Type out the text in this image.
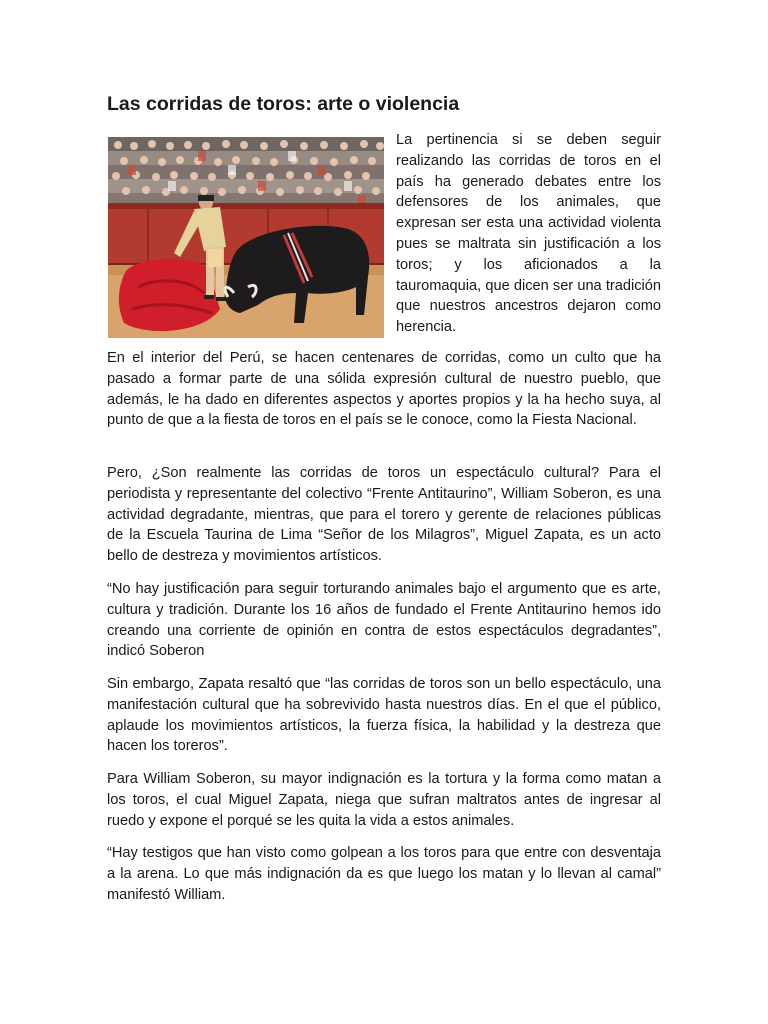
Las corridas de toros: arte o violencia

La pertinencia si se deben seguir realizando las corridas de toros en el país ha generado debates entre los defensores de los animales, que expresan ser esta una actividad violenta pues se maltrata sin justificación a los toros; y los aficionados a la tauromaquia, que dicen ser una tradición que nuestros ancestros dejaron como herencia.

En el interior del Perú, se hacen centenares de corridas, como un culto que ha pasado a formar parte de una sólida expresión cultural de nuestro pueblo, que además, le ha dado en diferentes aspectos y aportes propios y la ha hecho suya, al punto de que a la fiesta de toros en el país se le conoce, como la Fiesta Nacional.

Pero, ¿Son realmente las corridas de toros un espectáculo cultural? Para el periodista y representante del colectivo “Frente Antitaurino”, William Soberon, es una actividad degradante, mientras, que para el torero y gerente de relaciones públicas de la Escuela Taurina de Lima “Señor de los Milagros”, Miguel Zapata, es un acto bello de destreza y movimientos artísticos.

“No hay justificación para seguir torturando animales bajo el argumento que es arte, cultura y tradición. Durante los 16 años de fundado el Frente Antitaurino hemos ido creando una corriente de opinión en contra de estos espectáculos degradantes”, indicó Soberon

Sin embargo, Zapata resaltó que “las corridas de toros son un bello espectáculo, una manifestación cultural que ha sobrevivido hasta nuestros días. En el que el público, aplaude los movimientos artísticos, la fuerza física, la habilidad y la destreza que hacen los toreros”.

Para William Soberon, su mayor indignación es la tortura y la forma como matan a los toros, el cual Miguel Zapata, niega que sufran maltratos antes de ingresar al ruedo y expone el porqué se les quita la vida a estos animales.

“Hay testigos que han visto como golpean a los toros para que entre con desventaja a la arena. Lo que más indignación da es que luego los matan y lo llevan al camal” manifestó William.
